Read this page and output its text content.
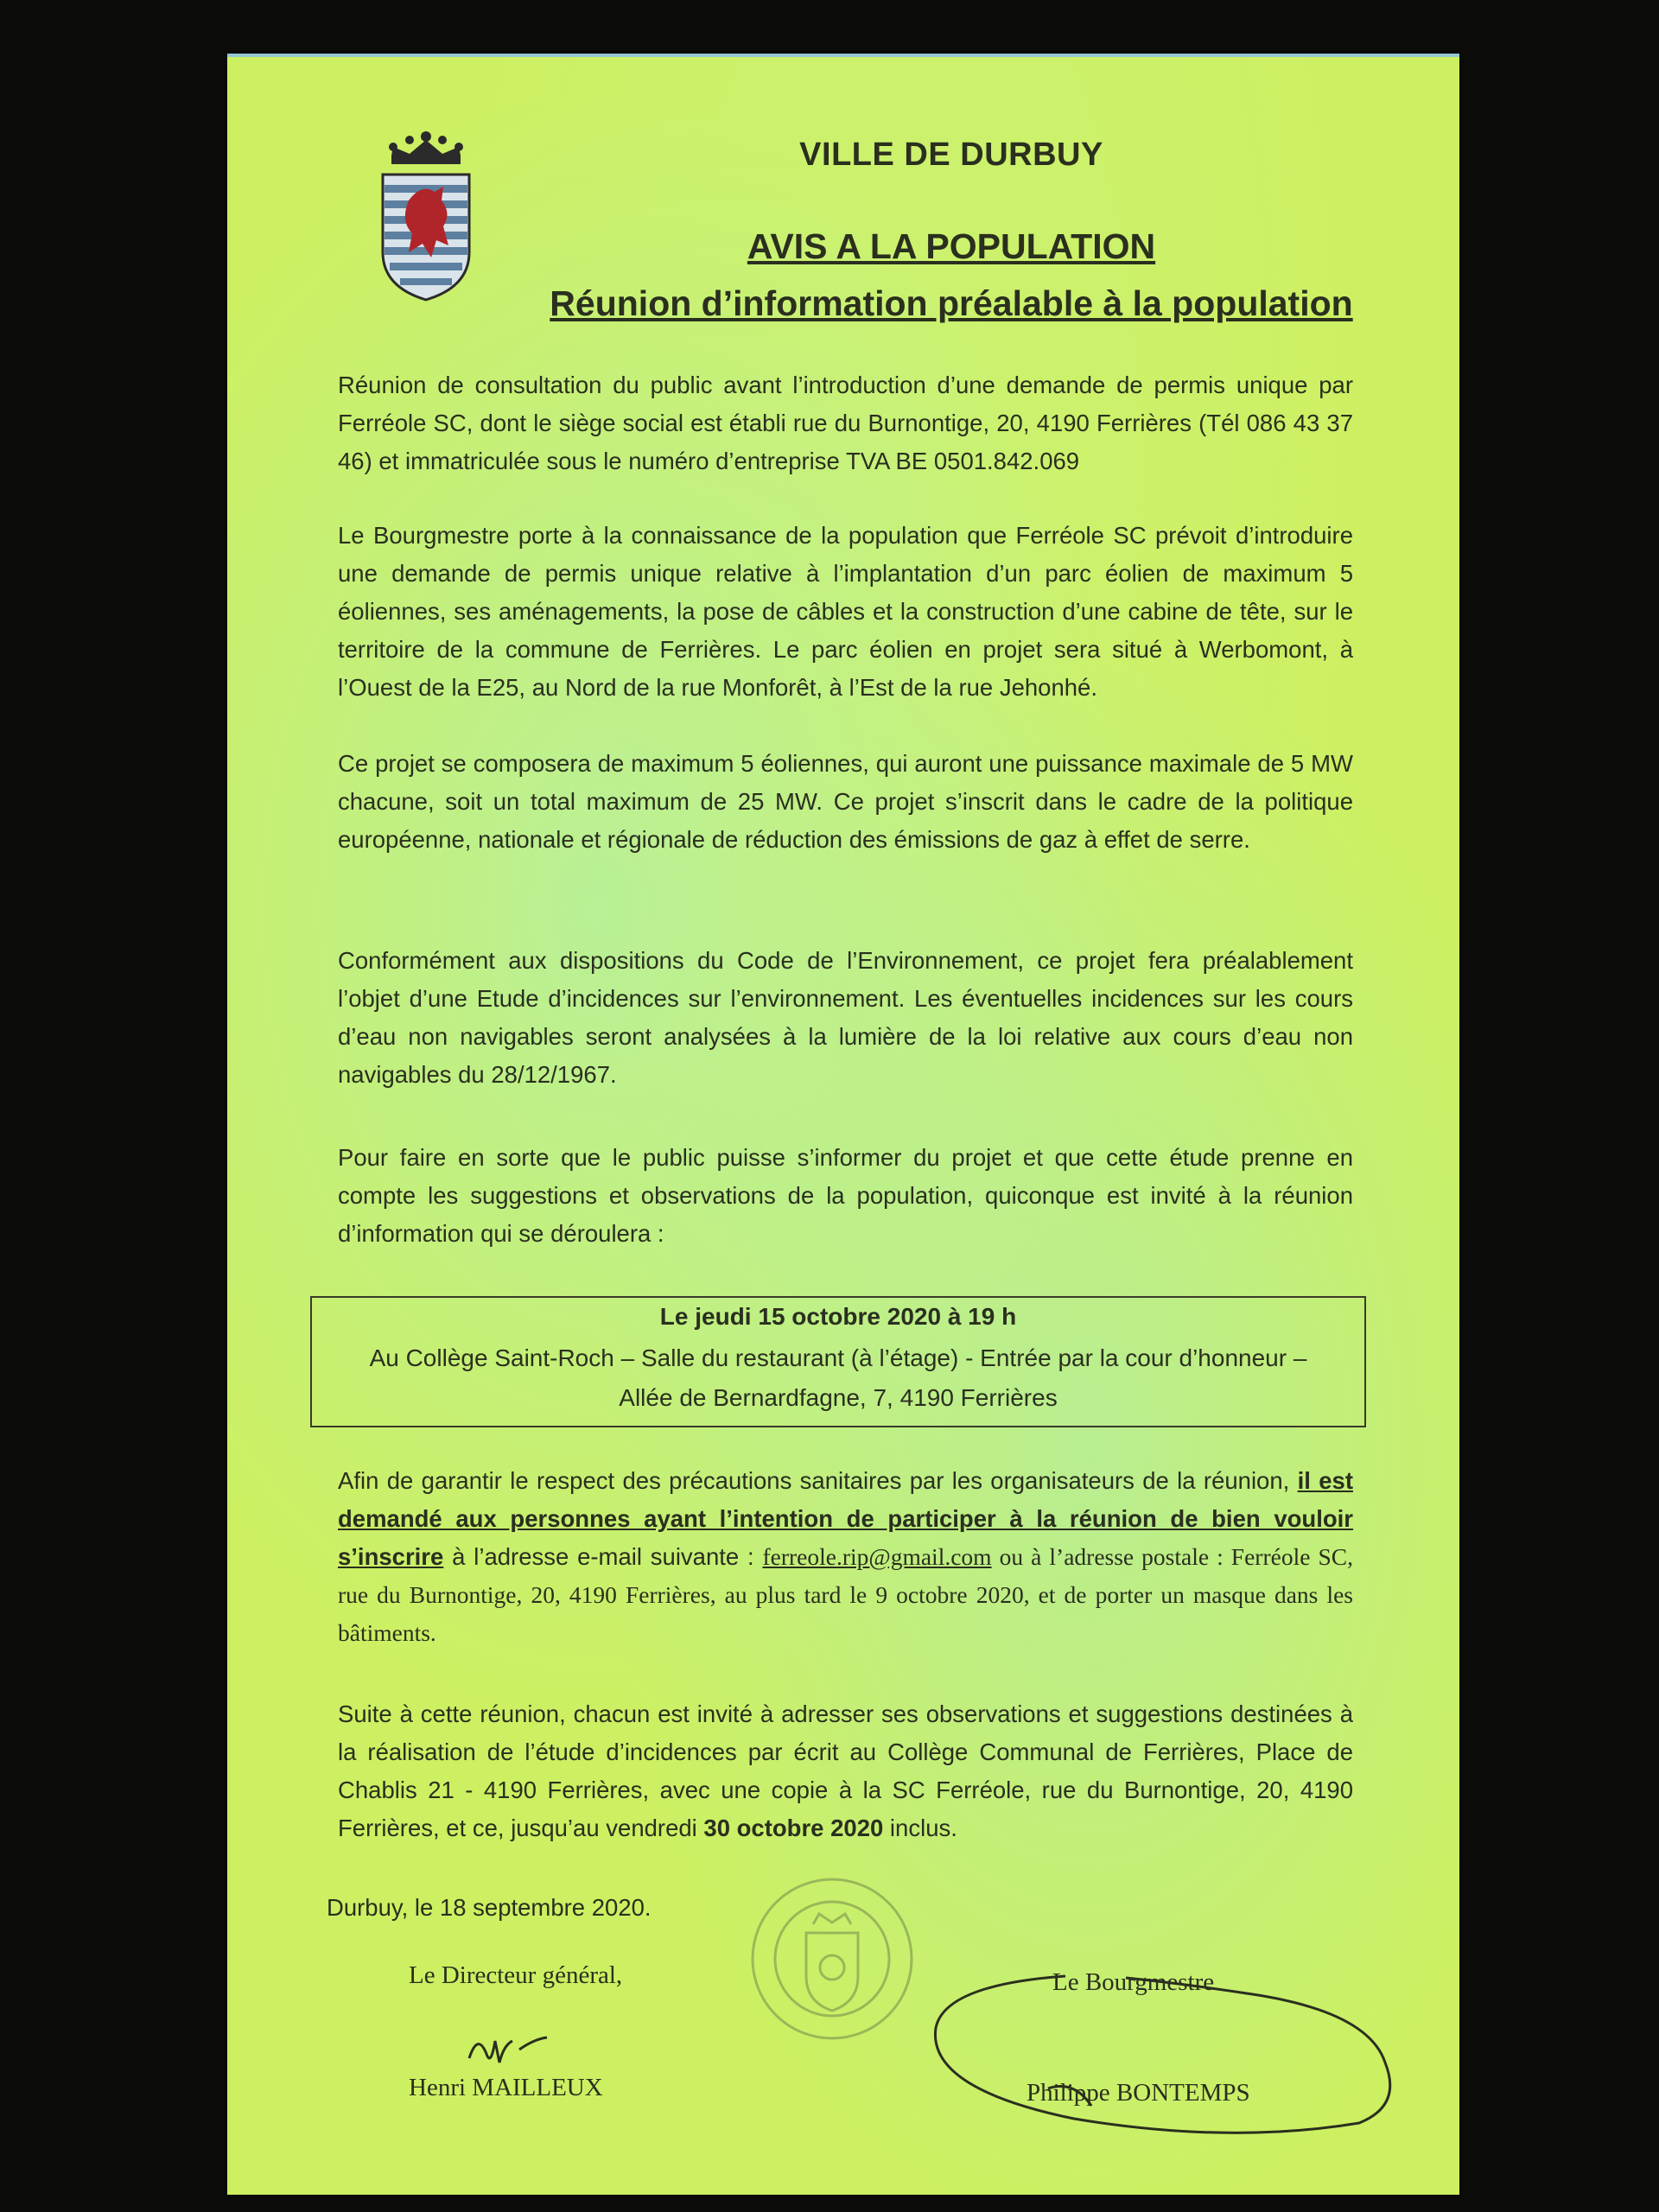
VILLE DE DURBUY

AVIS A LA POPULATION

Réunion d’information préalable à la population

Réunion de consultation du public avant l’introduction d’une demande de permis unique par Ferréole SC, dont le siège social est établi rue du Burnontige, 20, 4190 Ferrières (Tél 086 43 37 46) et immatriculée sous le numéro d’entreprise TVA BE 0501.842.069

Le Bourgmestre porte à la connaissance de la population que Ferréole SC prévoit d’introduire une demande de permis unique relative à l’implantation d’un parc éolien de maximum 5 éoliennes, ses aménagements, la pose de câbles et la construction d’une cabine de tête, sur le territoire de la commune de Ferrières. Le parc éolien en projet sera situé à Werbomont, à l’Ouest de la E25, au Nord de la rue Monforêt, à l’Est de la rue Jehonhé.

Ce projet se composera de maximum 5 éoliennes, qui auront une puissance maximale de 5 MW chacune, soit un total maximum de 25 MW. Ce projet s’inscrit dans le cadre de la politique européenne, nationale et régionale de réduction des émissions de gaz à effet de serre.

Conformément aux dispositions du Code de l’Environnement, ce projet fera préalablement l’objet d’une Etude d’incidences sur l’environnement. Les éventuelles incidences sur les cours d’eau non navigables seront analysées à la lumière de la loi relative aux cours d’eau non navigables du 28/12/1967.

Pour faire en sorte que le public puisse s’informer du projet et que cette étude prenne en compte les suggestions et observations de la population, quiconque est invité à la réunion d’information qui se déroulera :

Le jeudi 15 octobre 2020 à 19 h

Au Collège Saint-Roch – Salle du restaurant (à l’étage) - Entrée par la cour d’honneur –

Allée de Bernardfagne, 7, 4190 Ferrières

Afin de garantir le respect des précautions sanitaires par les organisateurs de la réunion, il est demandé aux personnes ayant l’intention de participer à la réunion de bien vouloir s’inscrire à l’adresse e-mail suivante : ferreole.rip@gmail.com ou à l’adresse postale : Ferréole SC, rue du Burnontige, 20, 4190 Ferrières, au plus tard le 9 octobre 2020, et de porter un masque dans les bâtiments.

Suite à cette réunion, chacun est invité à adresser ses observations et suggestions destinées à la réalisation de l’étude d’incidences par écrit au Collège Communal de Ferrières, Place de Chablis 21 - 4190 Ferrières, avec une copie à la SC Ferréole, rue du Burnontige, 20, 4190 Ferrières, et ce, jusqu’au vendredi 30 octobre 2020 inclus.

Durbuy, le 18 septembre 2020.

Le Directeur général,

Henri MAILLEUX

Le Bourgmestre

Philippe BONTEMPS
